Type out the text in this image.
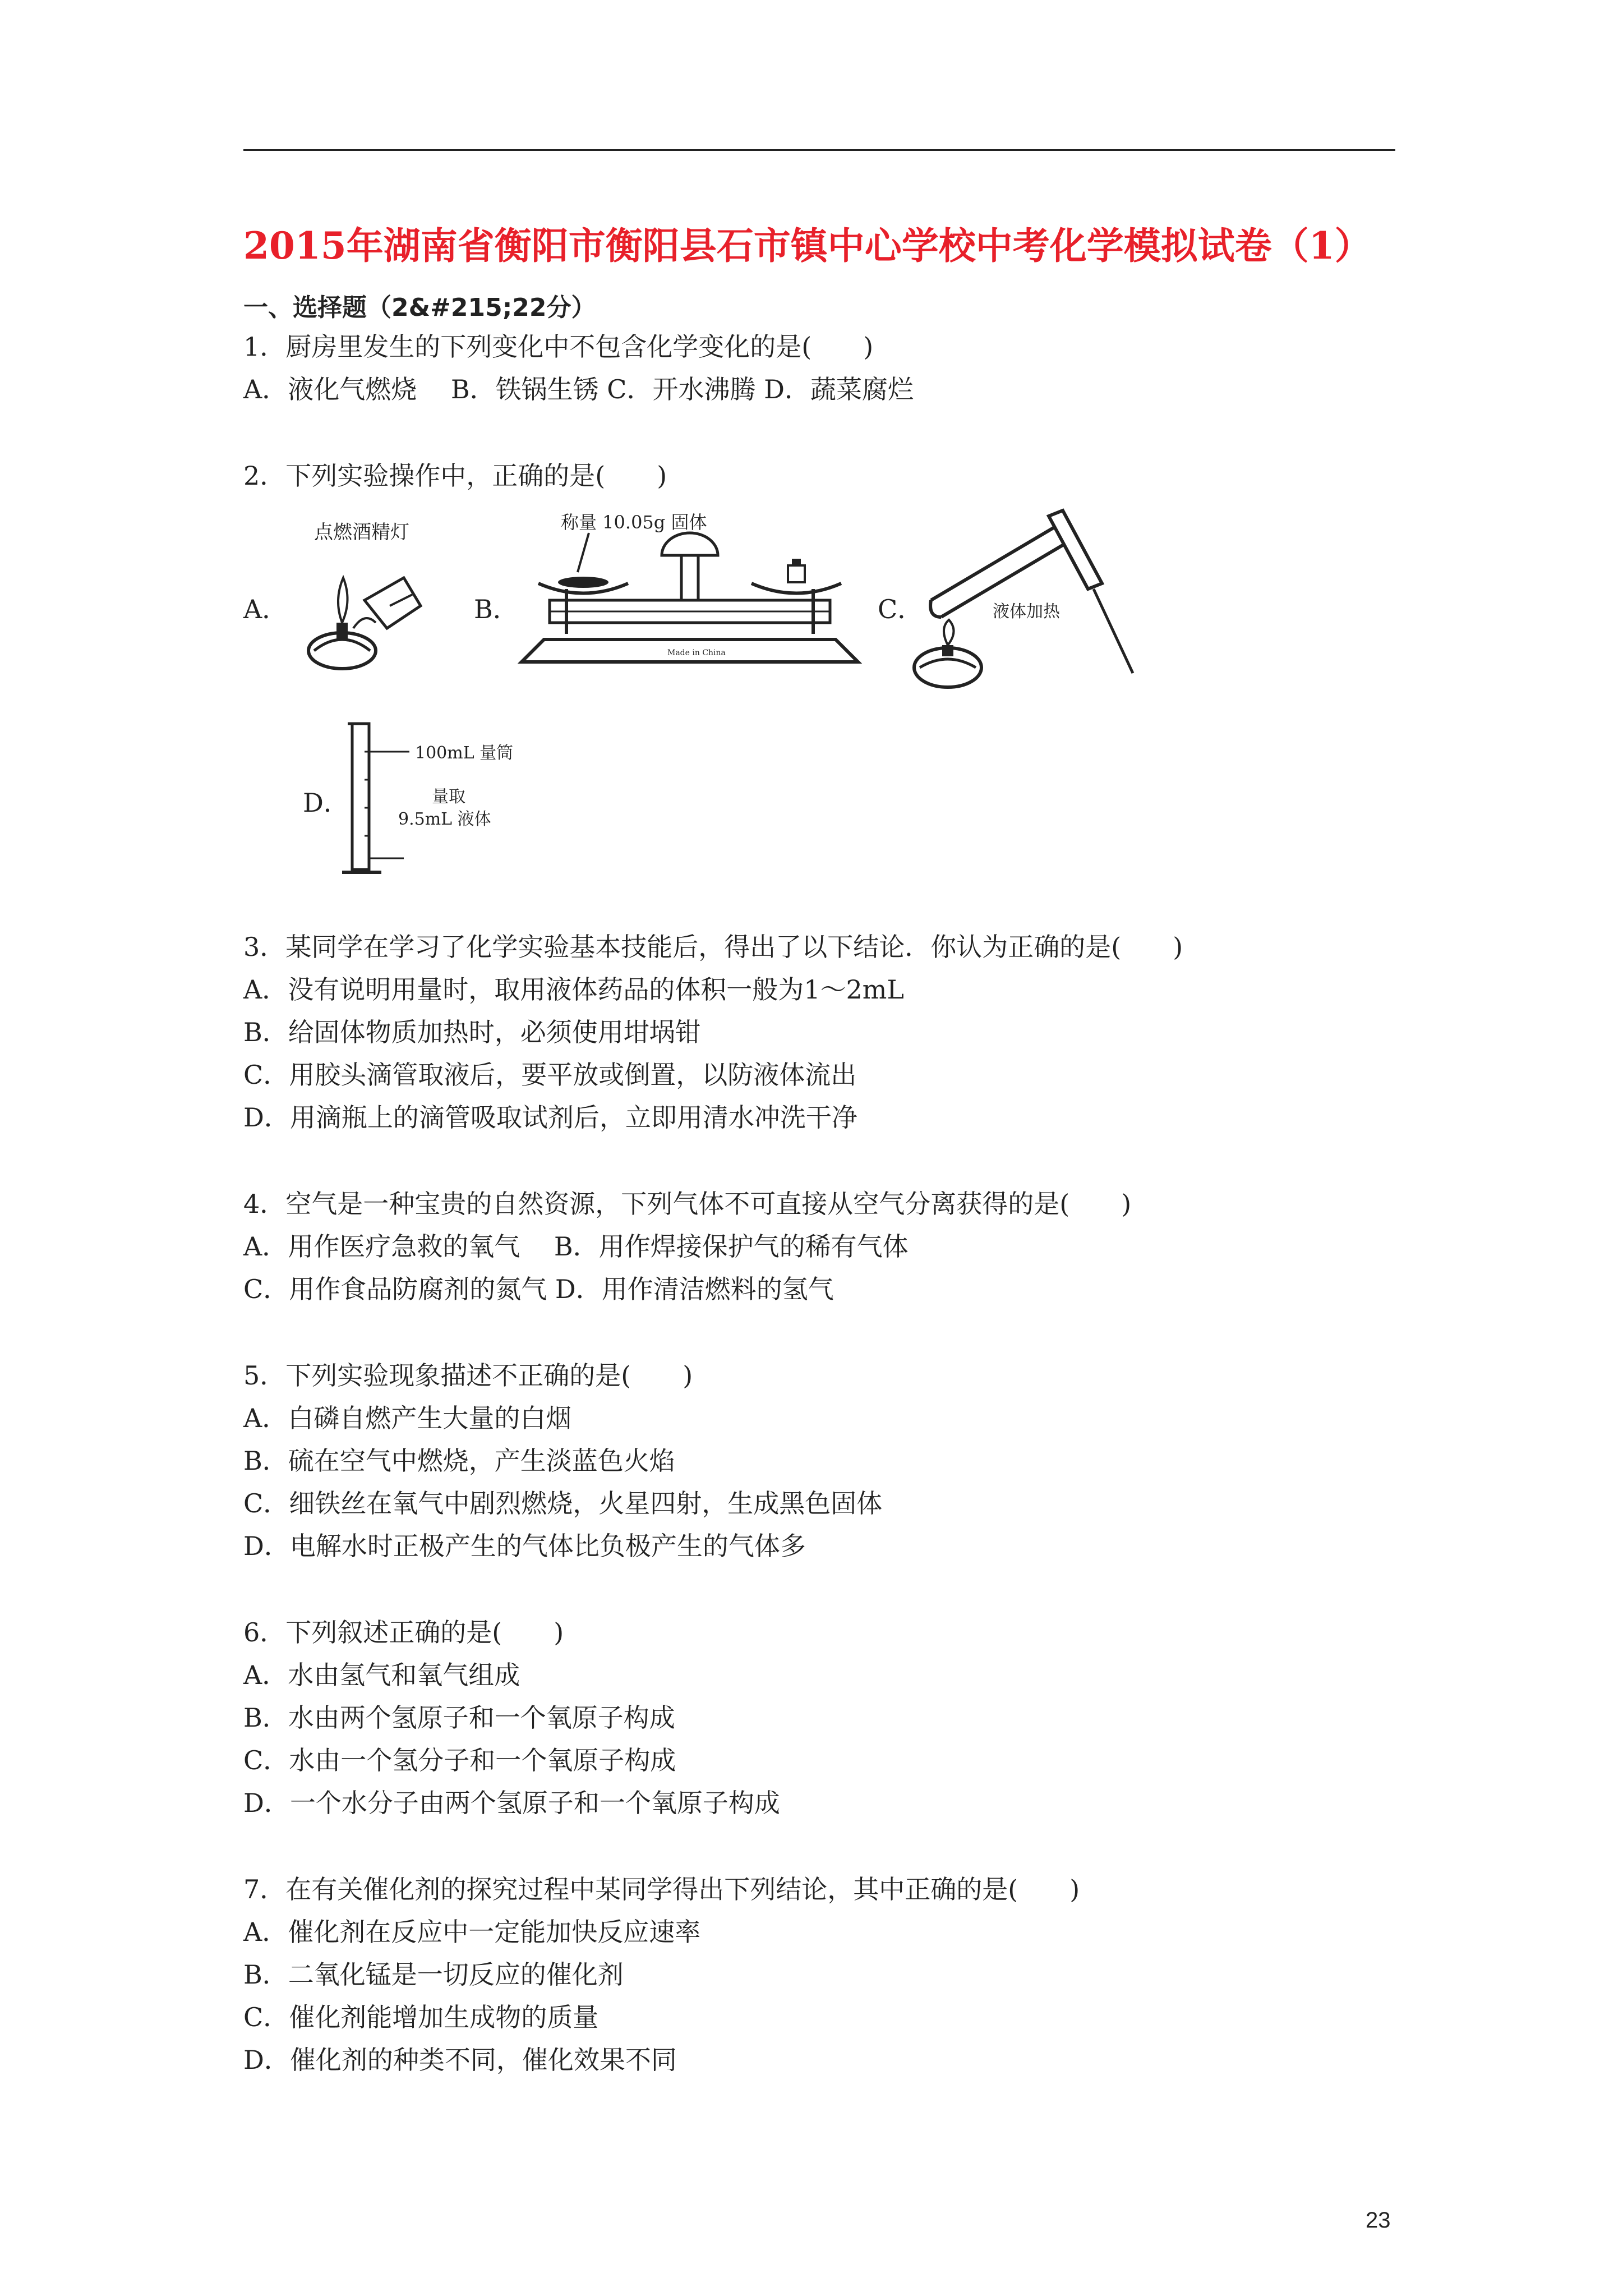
2015年湖南省衡阳市衡阳县石市镇中心学校中考化学模拟试卷（1）
一、选择题（2&#215;22分）
1．厨房里发生的下列变化中不包含化学变化的是(　　)
A．液化气燃烧　 B．铁锅生锈 C．开水沸腾 D．蔬菜腐烂
2．下列实验操作中，正确的是(　　)
A．
点燃酒精灯
B．
称量 10.05g 固体
Made in China
C．	液体加热
D．
100mL 量筒
量取
9.5mL 液体
3．某同学在学习了化学实验基本技能后，得出了以下结论．你认为正确的是(　　)
A．没有说明用量时，取用液体药品的体积一般为1～2mL
B．给固体物质加热时，必须使用坩埚钳
C．用胶头滴管取液后，要平放或倒置，以防液体流出
D．用滴瓶上的滴管吸取试剂后，立即用清水冲洗干净
4．空气是一种宝贵的自然资源，下列气体不可直接从空气分离获得的是(　　)
A．用作医疗急救的氧气　 B．用作焊接保护气的稀有气体
C．用作食品防腐剂的氮气 D．用作清洁燃料的氢气
5．下列实验现象描述不正确的是(　　)
A．白磷自燃产生大量的白烟
B．硫在空气中燃烧，产生淡蓝色火焰
C．细铁丝在氧气中剧烈燃烧，火星四射，生成黑色固体
D．电解水时正极产生的气体比负极产生的气体多
6．下列叙述正确的是(　　)
A．水由氢气和氧气组成
B．水由两个氢原子和一个氧原子构成
C．水由一个氢分子和一个氧原子构成
D．一个水分子由两个氢原子和一个氧原子构成
7．在有关催化剂的探究过程中某同学得出下列结论，其中正确的是(　　)
A．催化剂在反应中一定能加快反应速率
B．二氧化锰是一切反应的催化剂
C．催化剂能增加生成物的质量
D．催化剂的种类不同，催化效果不同
23
